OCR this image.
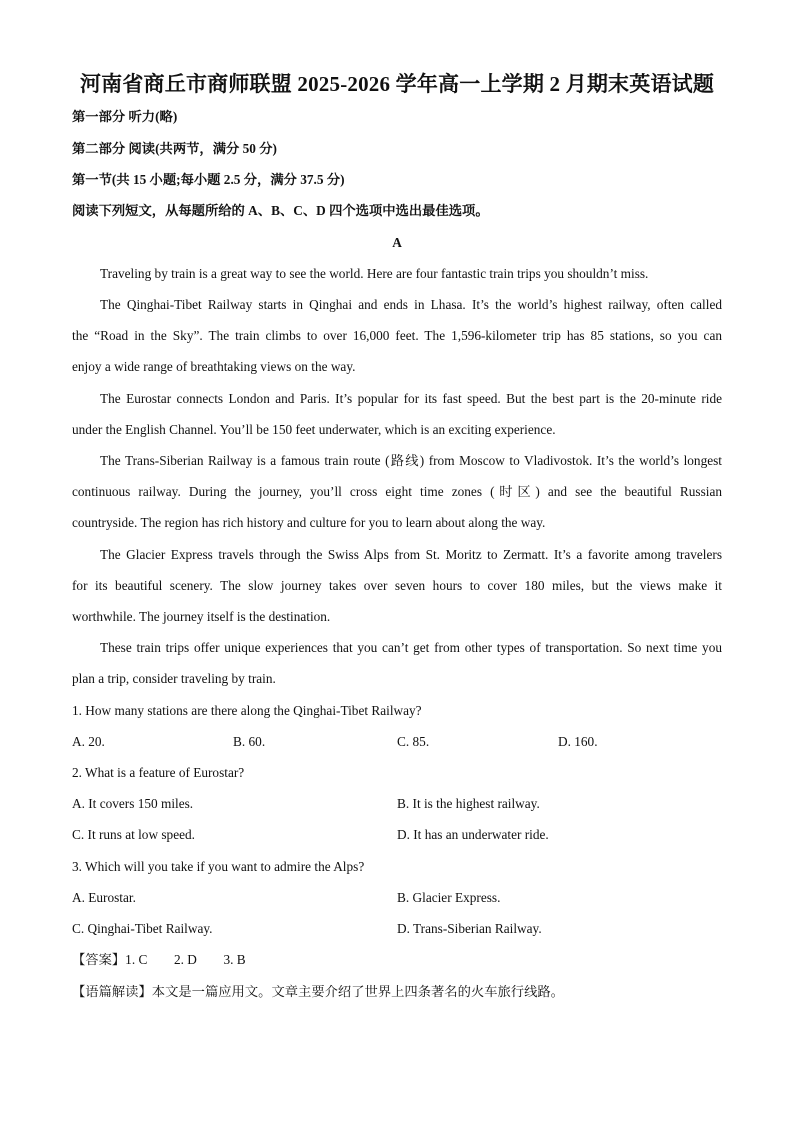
河南省商丘市商师联盟 2025-2026 学年高一上学期 2 月期末英语试题
第一部分 听力(略)
第二部分 阅读(共两节，满分 50 分)
第一节(共 15 小题;每小题 2.5 分，满分 37.5 分)
阅读下列短文，从每题所给的 A、B、C、D 四个选项中选出最佳选项。
A
Traveling by train is a great way to see the world. Here are four fantastic train trips you shouldn’t miss.
The Qinghai-Tibet Railway starts in Qinghai and ends in Lhasa. It’s the world’s highest railway, often called
the “Road in the Sky”. The train climbs to over 16,000 feet. The 1,596-kilometer trip has 85 stations, so you can
enjoy a wide range of breathtaking views on the way.
The Eurostar connects London and Paris. It’s popular for its fast speed. But the best part is the 20-minute ride
under the English Channel. You’ll be 150 feet underwater, which is an exciting experience.
The Trans-Siberian Railway is a famous train route (路线) from Moscow to Vladivostok. It’s the world’s longest
continuous railway. During the journey, you’ll cross eight time zones (时区) and see the beautiful Russian
countryside. The region has rich history and culture for you to learn about along the way.
The Glacier Express travels through the Swiss Alps from St. Moritz to Zermatt. It’s a favorite among travelers
for its beautiful scenery. The slow journey takes over seven hours to cover 180 miles, but the views make it
worthwhile. The journey itself is the destination.
These train trips offer unique experiences that you can’t get from other types of transportation. So next time you
plan a trip, consider traveling by train.
1. How many stations are there along the Qinghai-Tibet Railway?
A. 20.	B. 60.	C. 85.	D. 160.
2. What is a feature of Eurostar?
A. It covers 150 miles.	B. It is the highest railway.
C. It runs at low speed.	D. It has an underwater ride.
3. Which will you take if you want to admire the Alps?
A. Eurostar.	B. Glacier Express.
C. Qinghai-Tibet Railway.	D. Trans-Siberian Railway.
【答案】1. C        2. D        3. B
【语篇解读】本文是一篇应用文。文章主要介绍了世界上四条著名的火车旅行线路。
